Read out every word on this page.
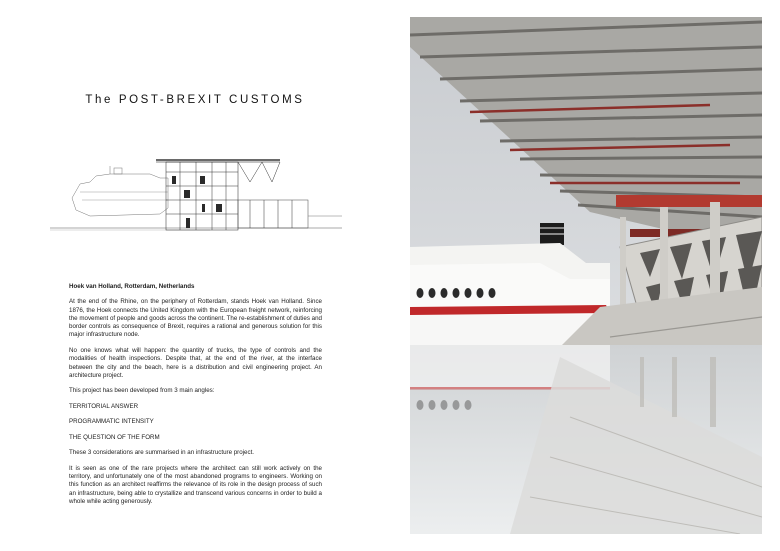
The POST-BREXIT CUSTOMS

Hoek van Holland, Rotterdam, Netherlands

At the end of the Rhine, on the periphery of Rotterdam, stands Hoek van Holland. Since 1876, the Hoek connects the United Kingdom with the European freight network, reinforcing the movement of people and goods across the continent. The re-establishment of duties and border controls as consequence of Brexit, requires a rational and generous solution for this major infrastructure node.

No one knows what will happen: the quantity of trucks, the type of controls and the modalities of health inspections. Despite that, at the end of the river, at the interface between the city and the beach, here is a distribution and civil engineering project. An architecture project.

This project has been developed from 3 main angles:

TERRITORIAL ANSWER

PROGRAMMATIC INTENSITY

THE QUESTION OF THE FORM

These 3 considerations are summarised in an infrastructure project.

It is seen as one of the rare projects where the architect can still work actively on the territory, and unfortunately one of the most abandoned programs to engineers. Working on this function as an architect reaffirms the relevance of its role in the design process of such an infrastructure, being able to crystallize and transcend various concerns in order to build a whole while acting generously.
